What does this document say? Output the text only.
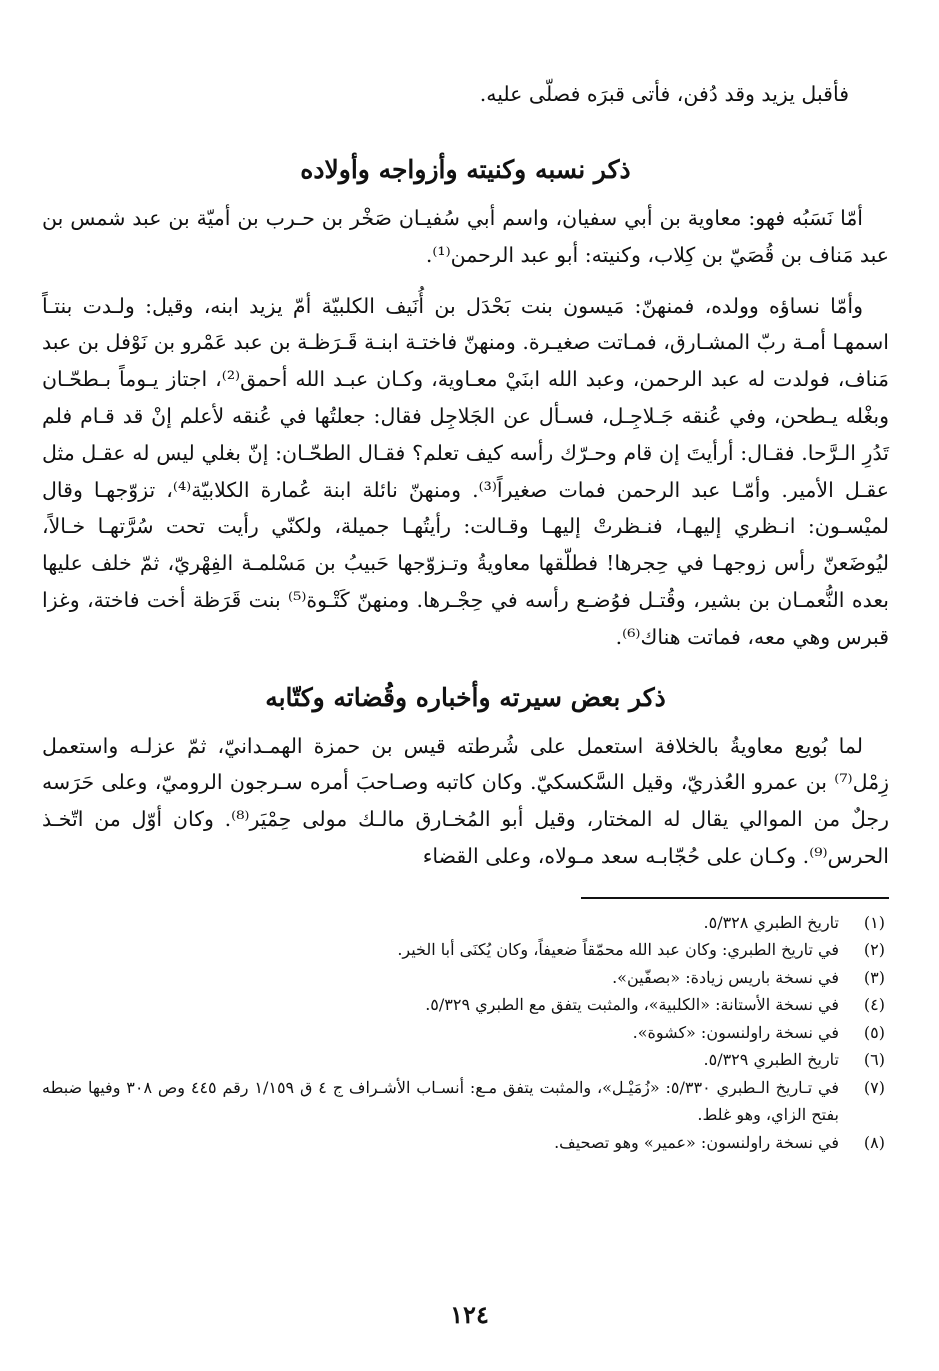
فأقبل يزيد وقد دُفن، فأتى قبرَه فصلّى عليه.

ذكر نسبه وكنيته وأزواجه وأولاده

أمّا نَسَبُه فهو: معاوية بن أبي سفيان، واسم أبي سُفيـان صَخْر بن حـرب بن أميّة بن عبد شمس بن عبد مَناف بن قُصَيّ بن كِلاب، وكنيته: أبو عبد الرحمن⁽¹⁾.

وأمّا نساؤه وولده، فمنهنّ: مَيسون بنت بَحْدَل بن أُنَيف الكلبيّة أمّ يزيد ابنه، وقيل: ولـدت بنتـاً اسمهـا أمـة ربّ المشـارق، فمـاتت صغيـرة. ومنهنّ فاختـة ابنـة قَـرَظـة بن عبد عَمْرو بن نَوْفل بن عبد مَناف، فولدت له عبد الرحمن، وعبد الله ابنَيْ معـاوية، وكـان عبـد الله أحمق⁽²⁾، اجتاز يـوماً بـطحّـان وبغْله يـطحن، وفي عُنقه جَـلاجِـل، فسـأل عن الجَلاجِل فقال: جعلتُها في عُنقه لأعلم إنْ قد قـام فلم تَدُرِ الـرَّحا. فقـال: أرأيتَ إن قام وحـرّك رأسه كيف تعلم؟ فقـال الطحّـان: إنّ بغلي ليس له عقـل مثل عقـل الأمير. وأمّـا عبد الرحمن فمات صغيراً⁽³⁾. ومنهنّ نائلة ابنة عُمارة الكلابيّة⁽⁴⁾، تزوّجهـا وقال لميْسـون: انـظري إليهـا، فنـظرتْ إليهـا وقـالت: رأيتُهـا جميلة، ولكنّي رأيت تحت سُرَّتهـا خـالاً، ليُوضَعنّ رأس زوجهـا في حِجرها! فطلّقها معاويةُ وتـزوّجها حَبيبُ بن مَسْلمـة الفِهْريّ، ثمّ خلف عليها بعده النُّعمـان بن بشير، وقُتـل فوُضـع رأسه في حِجْـرها. ومنهنّ كَتْـوة⁽⁵⁾ بنت قَرَظة أخت فاختة، وغزا قبرس وهي معه، فماتت هناك⁽⁶⁾.

ذكر بعض سيرته وأخباره وقُضاته وكتّابه

لما بُويع معاويةُ بالخلافة استعمل على شُرطته قيس بن حمزة الهمـدانيّ، ثمّ عزلـه واستعمل زِمْل⁽⁷⁾ بن عمرو العُذريّ، وقيل السَّكسكيّ. وكان كاتبه وصـاحبَ أمره سـرجون الروميّ، وعلى حَرَسه رجلٌ من الموالي يقال له المختار، وقيل أبو المُخـارق مالـك مولى حِمْيَر⁽⁸⁾. وكان أوّل من اتّخـذ الحرس⁽⁹⁾. وكـان على حُجّابـه سعد مـولاه، وعلى القضاء

(١)
تاريخ الطبري ٥/٣٢٨.
(٢)
في تاريخ الطبري: وكان عبد الله محمّقاً ضعيفاً، وكان يُكنَى أبا الخير.
(٣)
في نسخة باريس زيادة: «بصفّين».
(٤)
في نسخة الأستانة: «الكلبية»، والمثبت يتفق مع الطبري ٥/٣٢٩.
(٥)
في نسخة راولنسون: «كشوة».
(٦)
تاريخ الطبري ٥/٣٢٩.
(٧)
في تـاريخ الـطبري ٥/٣٣٠: «زُمَيْـل»، والمثبت يتفق مـع: أنسـاب الأشـراف ج ٤ ق ١/١٥٩ رقم ٤٤٥ وص ٣٠٨ وفيها ضبطه بفتح الزاي، وهو غلط.
(٨)
في نسخة راولنسون: «عمير» وهو تصحيف.
١٢٤
